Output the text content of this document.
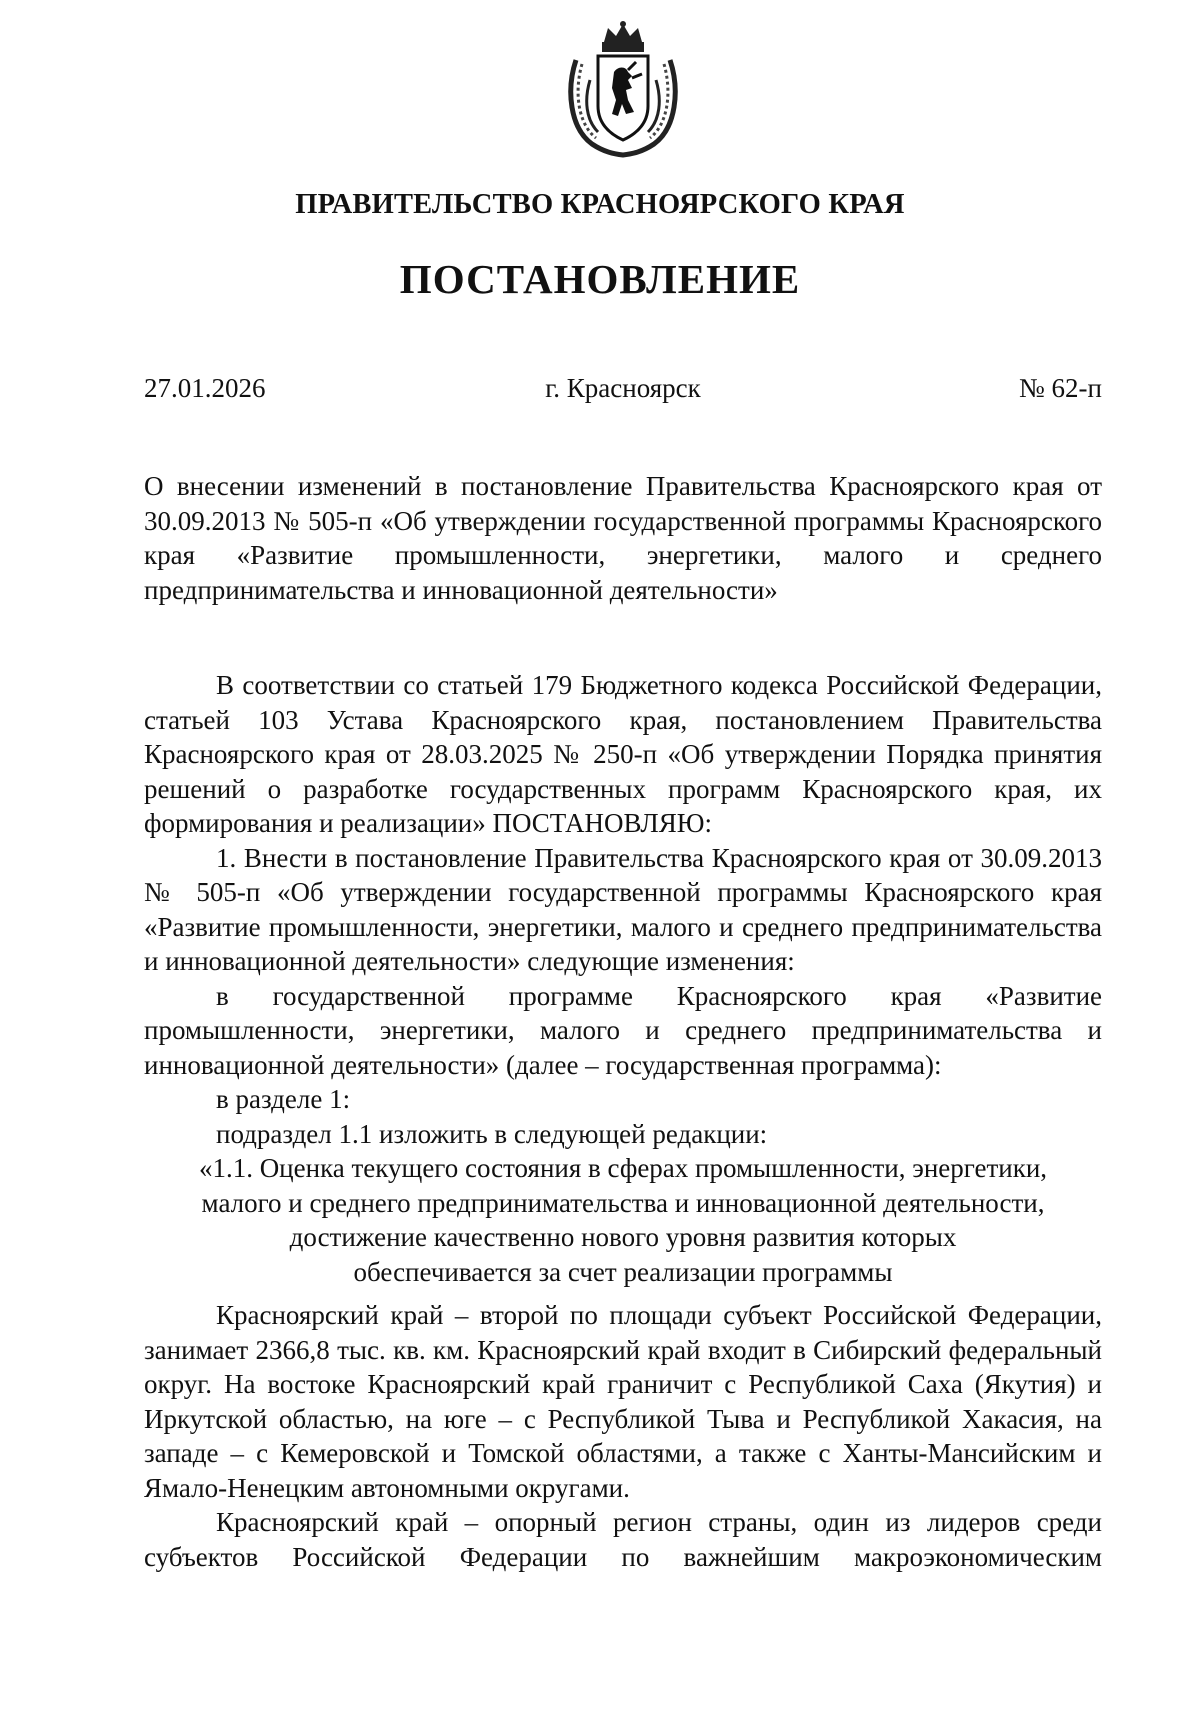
ПРАВИТЕЛЬСТВО КРАСНОЯРСКОГО КРАЯ
ПОСТАНОВЛЕНИЕ
27.01.2026	г. Красноярск	№ 62-п

О внесении изменений в постановление Правительства Красноярского края от 30.09.2013 № 505-п «Об утверждении государственной программы Красноярского края «Развитие промышленности, энергетики, малого и среднего предпринимательства и инновационной деятельности»

В соответствии со статьей 179 Бюджетного кодекса Российской Федерации, статьей 103 Устава Красноярского края, постановлением Правительства Красноярского края от 28.03.2025 № 250-п «Об утверждении Порядка принятия решений о разработке государственных программ Красноярского края, их формирования и реализации» ПОСТАНОВЛЯЮ:

1. Внести в постановление Правительства Красноярского края от 30.09.2013 № 505-п «Об утверждении государственной программы Красноярского края «Развитие промышленности, энергетики, малого и среднего предпринимательства и инновационной деятельности» следующие изменения:

в государственной программе Красноярского края «Развитие промышленности, энергетики, малого и среднего предпринимательства и инновационной деятельности» (далее – государственная программа):

в разделе 1:

подраздел 1.1 изложить в следующей редакции:

«1.1. Оценка текущего состояния в сферах промышленности, энергетики,

малого и среднего предпринимательства и инновационной деятельности,

достижение качественно нового уровня развития которых

обеспечивается за счет реализации программы

Красноярский край – второй по площади субъект Российской Федерации, занимает 2366,8 тыс. кв. км. Красноярский край входит в Сибирский федеральный округ. На востоке Красноярский край граничит с Республикой Саха (Якутия) и Иркутской областью, на юге – с Республикой Тыва и Республикой Хакасия, на западе – с Кемеровской и Томской областями, а также с Ханты-Мансийским и Ямало-Ненецким автономными округами.

Красноярский край – опорный регион страны, один из лидеров среди субъектов Российской Федерации по важнейшим макроэкономическим
